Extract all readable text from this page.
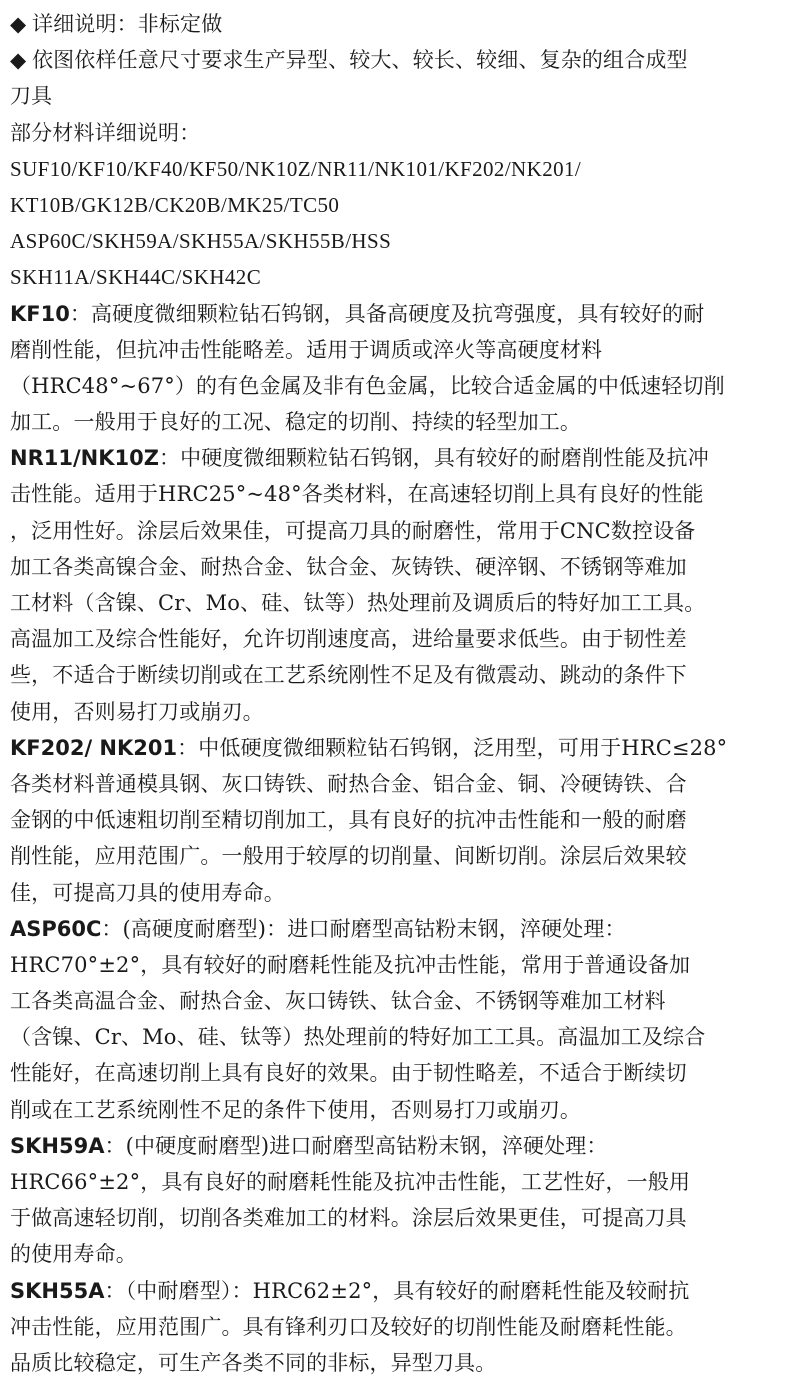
◆ 详细说明：非标定做
◆ 依图依样任意尺寸要求生产异型、较大、较长、较细、复杂的组合成型
刀具
部分材料详细说明：
SUF10/KF10/KF40/KF50/NK10Z/NR11/NK101/KF202/NK201/
KT10B/GK12B/CK20B/MK25/TC50
ASP60C/SKH59A/SKH55A/SKH55B/HSS
SKH11A/SKH44C/SKH42C
KF10：高硬度微细颗粒钻石钨钢，具备高硬度及抗弯强度，具有较好的耐
磨削性能，但抗冲击性能略差。适用于调质或淬火等高硬度材料
（HRC48°~67°）的有色金属及非有色金属，比较合适金属的中低速轻切削
加工。一般用于良好的工况、稳定的切削、持续的轻型加工。
NR11/NK10Z：中硬度微细颗粒钻石钨钢，具有较好的耐磨削性能及抗冲
击性能。适用于HRC25°~48°各类材料，在高速轻切削上具有良好的性能
，泛用性好。涂层后效果佳，可提高刀具的耐磨性，常用于CNC数控设备
加工各类高镍合金、耐热合金、钛合金、灰铸铁、硬淬钢、不锈钢等难加
工材料（含镍、Cr、Mo、硅、钛等）热处理前及调质后的特好加工工具。
高温加工及综合性能好，允许切削速度高，进给量要求低些。由于韧性差
些，不适合于断续切削或在工艺系统刚性不足及有微震动、跳动的条件下
使用，否则易打刀或崩刃。
KF202/ NK201：中低硬度微细颗粒钻石钨钢，泛用型，可用于HRC≤28°
各类材料普通模具钢、灰口铸铁、耐热合金、铝合金、铜、冷硬铸铁、合
金钢的中低速粗切削至精切削加工，具有良好的抗冲击性能和一般的耐磨
削性能，应用范围广。一般用于较厚的切削量、间断切削。涂层后效果较
佳，可提高刀具的使用寿命。
ASP60C：(高硬度耐磨型)：进口耐磨型高钴粉末钢，淬硬处理：
HRC70°±2°，具有较好的耐磨耗性能及抗冲击性能，常用于普通设备加
工各类高温合金、耐热合金、灰口铸铁、钛合金、不锈钢等难加工材料
（含镍、Cr、Mo、硅、钛等）热处理前的特好加工工具。高温加工及综合
性能好，在高速切削上具有良好的效果。由于韧性略差，不适合于断续切
削或在工艺系统刚性不足的条件下使用，否则易打刀或崩刃。
SKH59A：(中硬度耐磨型)进口耐磨型高钴粉末钢，淬硬处理：
HRC66°±2°，具有良好的耐磨耗性能及抗冲击性能，工艺性好，一般用
于做高速轻切削，切削各类难加工的材料。涂层后效果更佳，可提高刀具
的使用寿命。
SKH55A：（中耐磨型）：HRC62±2°，具有较好的耐磨耗性能及较耐抗
冲击性能，应用范围广。具有锋利刃口及较好的切削性能及耐磨耗性能。
品质比较稳定，可生产各类不同的非标，异型刀具。
